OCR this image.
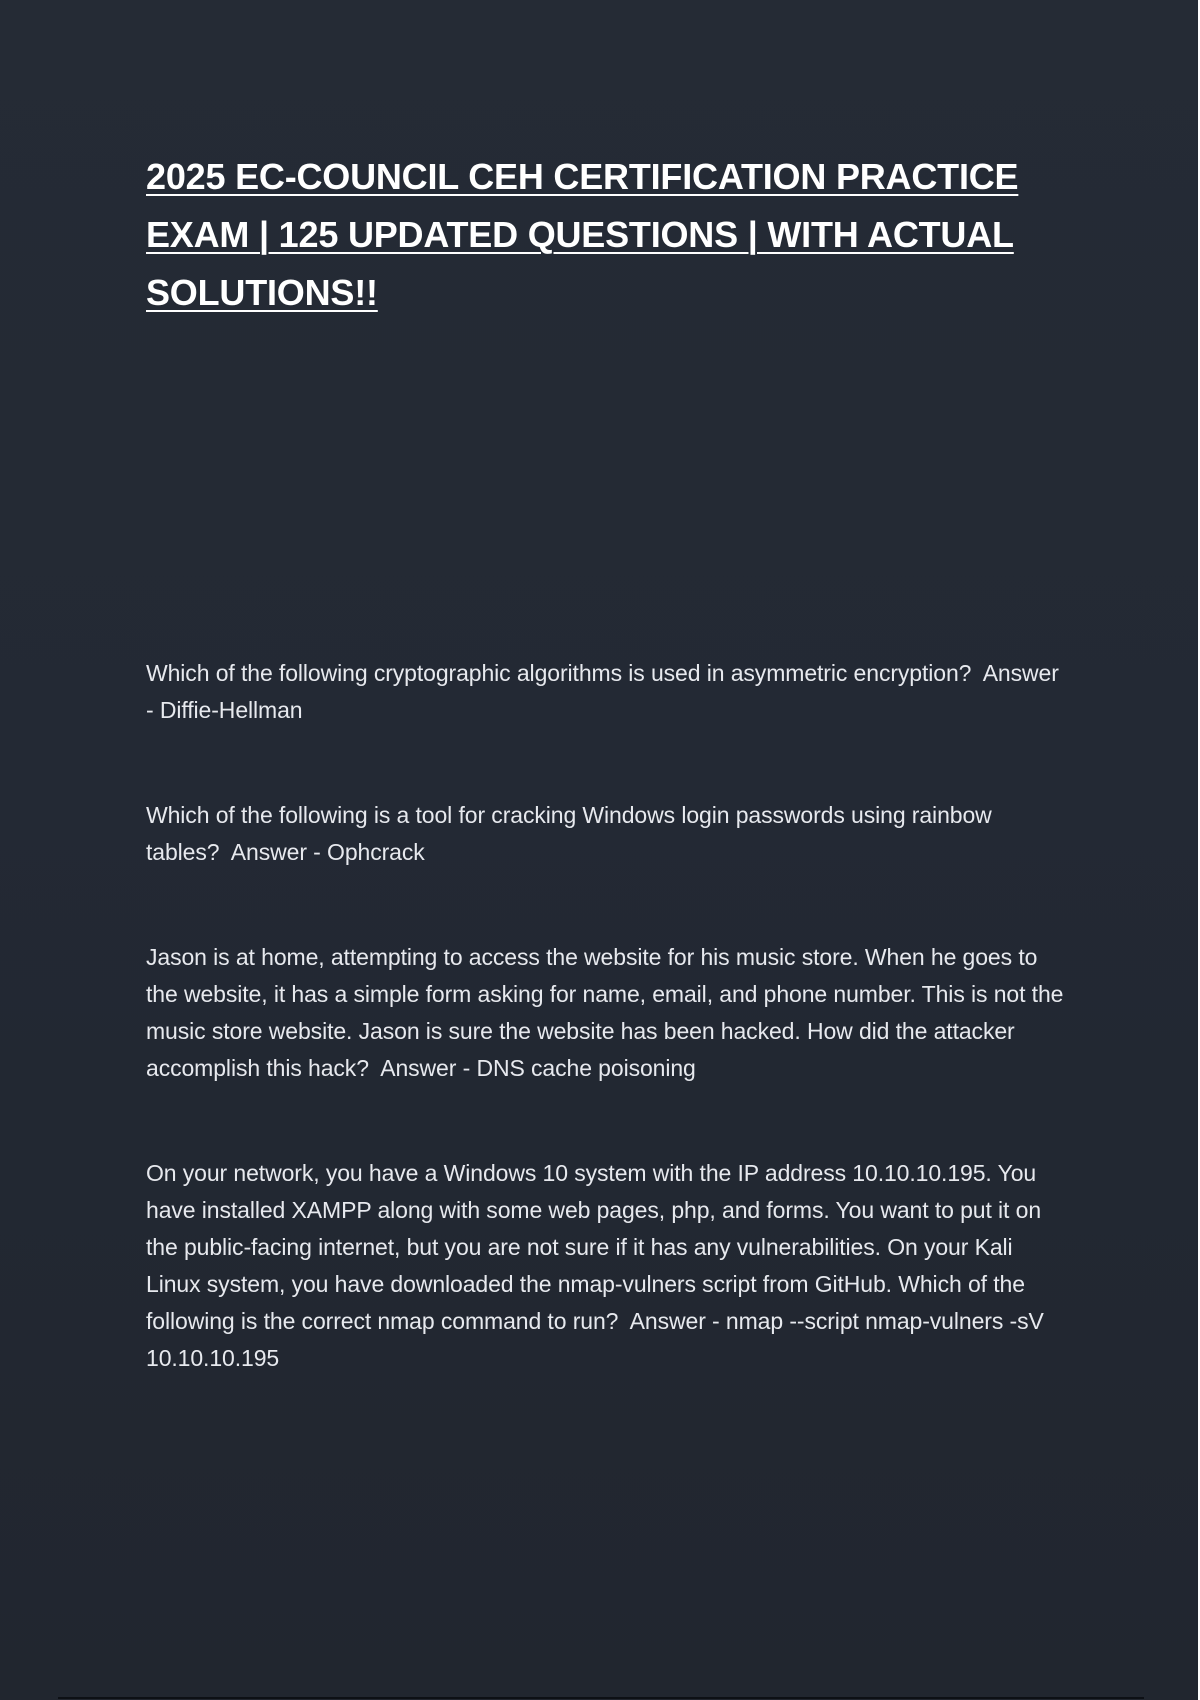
2025 EC-COUNCIL CEH CERTIFICATION PRACTICE EXAM | 125 UPDATED QUESTIONS | WITH ACTUAL SOLUTIONS!!
Which of the following cryptographic algorithms is used in asymmetric encryption? Answer - Diffie-Hellman
Which of the following is a tool for cracking Windows login passwords using rainbow tables? Answer - Ophcrack
Jason is at home, attempting to access the website for his music store. When he goes to the website, it has a simple form asking for name, email, and phone number. This is not the music store website. Jason is sure the website has been hacked. How did the attacker accomplish this hack? Answer - DNS cache poisoning
On your network, you have a Windows 10 system with the IP address 10.10.10.195. You have installed XAMPP along with some web pages, php, and forms. You want to put it on the public-facing internet, but you are not sure if it has any vulnerabilities. On your Kali Linux system, you have downloaded the nmap-vulners script from GitHub. Which of the following is the correct nmap command to run? Answer - nmap --script nmap-vulners -sV 10.10.10.195
